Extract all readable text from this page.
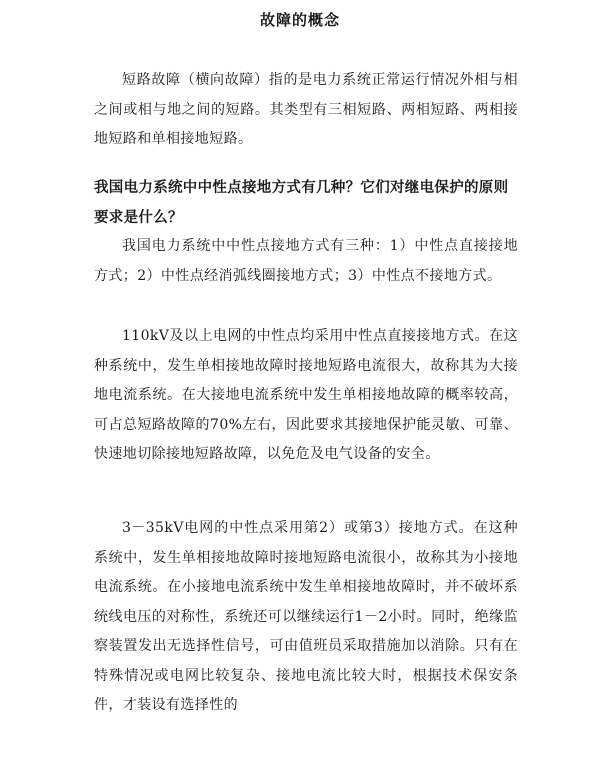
故障的概念

短路故障（横向故障）指的是电力系统正常运行情况外相与相之间或相与地之间的短路。其类型有三相短路、两相短路、两相接地短路和单相接地短路。

我国电力系统中中性点接地方式有几种？它们对继电保护的原则要求是什么？

我国电力系统中中性点接地方式有三种：1）中性点直接接地方式；2）中性点经消弧线圈接地方式；3）中性点不接地方式。

110kV及以上电网的中性点均采用中性点直接接地方式。在这种系统中，发生单相接地故障时接地短路电流很大，故称其为大接地电流系统。在大接地电流系统中发生单相接地故障的概率较高，可占总短路故障的70%左右，因此要求其接地保护能灵敏、可靠、快速地切除接地短路故障，以免危及电气设备的安全。

3－35kV电网的中性点采用第2）或第3）接地方式。在这种系统中，发生单相接地故障时接地短路电流很小，故称其为小接地电流系统。在小接地电流系统中发生单相接地故障时，并不破坏系统线电压的对称性，系统还可以继续运行1－2小时。同时，绝缘监察装置发出无选择性信号，可由值班员采取措施加以消除。只有在特殊情况或电网比较复杂、接地电流比较大时，根据技术保安条件，才装设有选择性的
